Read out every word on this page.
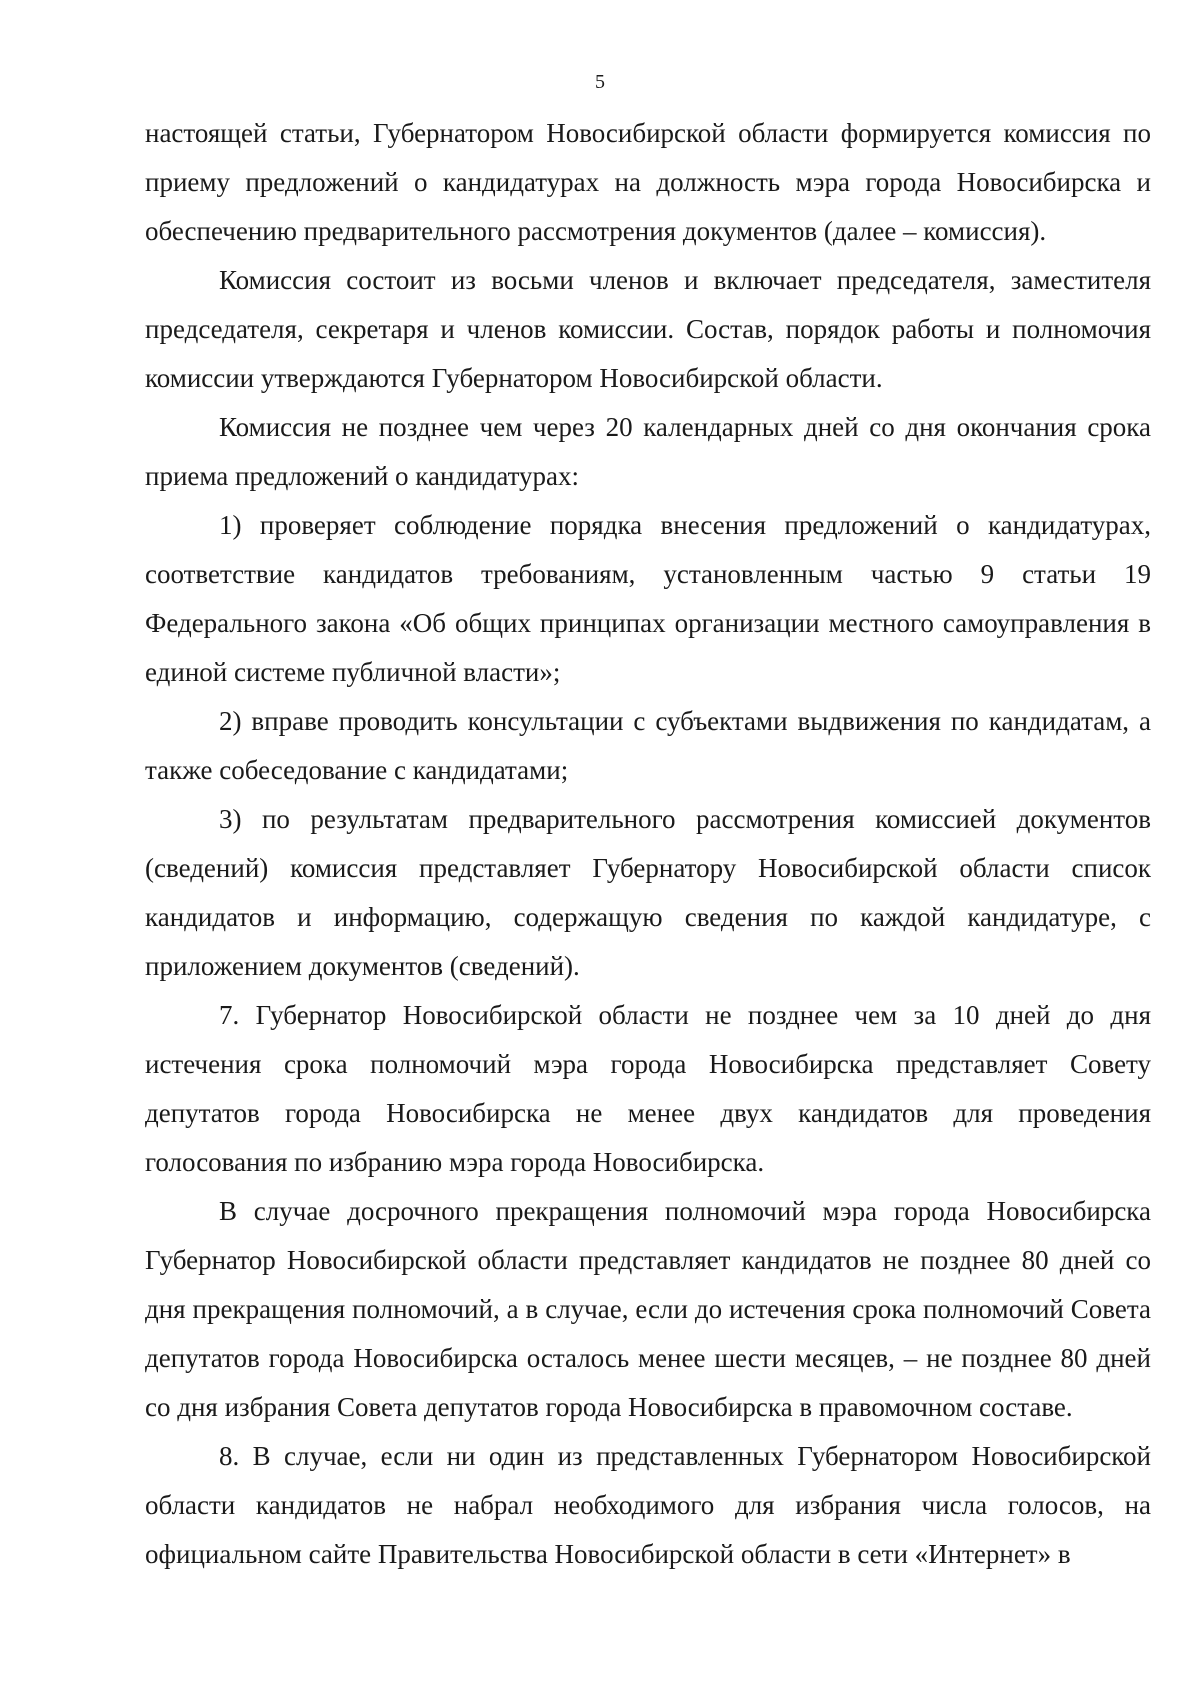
5

настоящей статьи, Губернатором Новосибирской области формируется комиссия по приему предложений о кандидатурах на должность мэра города Новосибирска и обеспечению предварительного рассмотрения документов (далее – комиссия).

Комиссия состоит из восьми членов и включает председателя, заместителя председателя, секретаря и членов комиссии. Состав, порядок работы и полномочия комиссии утверждаются Губернатором Новосибирской области.

Комиссия не позднее чем через 20 календарных дней со дня окончания срока приема предложений о кандидатурах:

1) проверяет соблюдение порядка внесения предложений о кандидатурах, соответствие кандидатов требованиям, установленным частью 9 статьи 19 Федерального закона «Об общих принципах организации местного самоуправления в единой системе публичной власти»;

2) вправе проводить консультации с субъектами выдвижения по кандидатам, а также собеседование с кандидатами;

3) по результатам предварительного рассмотрения комиссией документов (сведений) комиссия представляет Губернатору Новосибирской области список кандидатов и информацию, содержащую сведения по каждой кандидатуре, с приложением документов (сведений).

7. Губернатор Новосибирской области не позднее чем за 10 дней до дня истечения срока полномочий мэра города Новосибирска представляет Совету депутатов города Новосибирска не менее двух кандидатов для проведения голосования по избранию мэра города Новосибирска.

В случае досрочного прекращения полномочий мэра города Новосибирска Губернатор Новосибирской области представляет кандидатов не позднее 80 дней со дня прекращения полномочий, а в случае, если до истечения срока полномочий Совета депутатов города Новосибирска осталось менее шести месяцев, – не позднее 80 дней со дня избрания Совета депутатов города Новосибирска в правомочном составе.

8. В случае, если ни один из представленных Губернатором Новосибирской области кандидатов не набрал необходимого для избрания числа голосов, на официальном сайте Правительства Новосибирской области в сети «Интернет» в
